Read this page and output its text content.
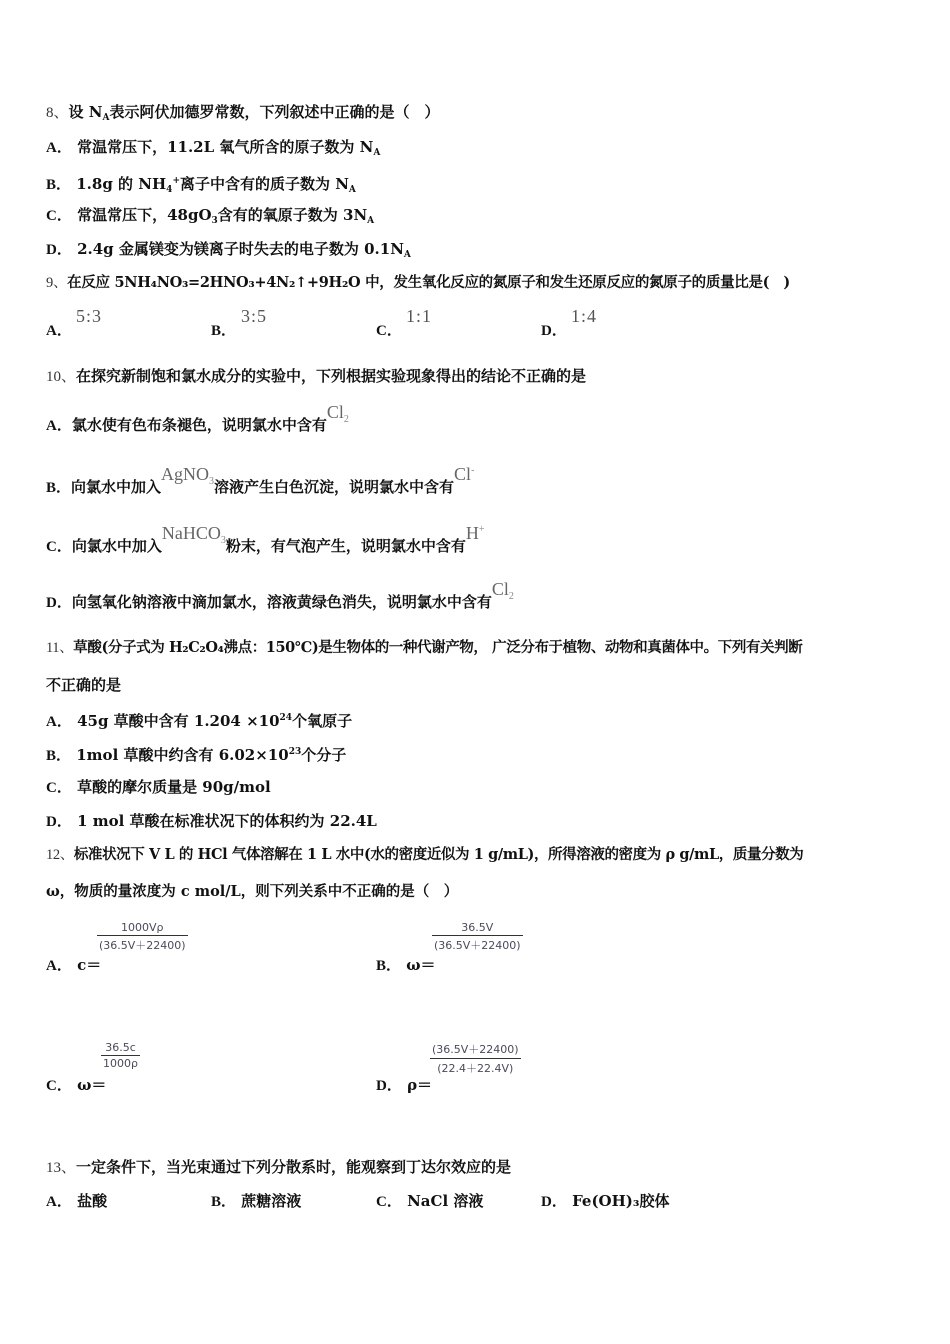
8、设 $N_A$表示阿伏加德罗常数，下列叙述中正确的是（　）
A． 常温常压下，11.2L 氧气所含的原子数为 $N_A$
B． 1.8g 的 $NH_4^+$离子中含有的质子数为 $N_A$
C． 常温常压下，$48gO_3$含有的氧原子数为 $3N_A$
D． 2.4g 金属镁变为镁离子时失去的电子数为 $0.1N_A$
9、在反应 5NH₄NO₃=2HNO₃+4N₂↑+9H₂O 中，发生氧化反应的氮原子和发生还原反应的氮原子的质量比是(　)
A．
5:3
B．
3:5
C．
1:1
D．
1:4
10、在探究新制饱和氯水成分的实验中，下列根据实验现象得出的结论不正确的是
A．氯水使有色布条褪色，说明氯水中含有$Cl_2$
B．向氯水中加入AgNO$_3$溶液产生白色沉淀，说明氯水中含有Cl-
C．向氯水中加入NaHCO$_3$粉末，有气泡产生，说明氯水中含有H+
D．向氢氧化钠溶液中滴加氯水，溶液黄绿色消失，说明氯水中含有$Cl_2$
11、草酸(分子式为 H₂C₂O₄沸点：150℃)是生物体的一种代谢产物， 广泛分布于植物、动物和真菌体中。下列有关判断
不正确的是
A． 45g 草酸中含有 $1.204 \times 10^{24}$个氧原子
B． 1mol 草酸中约含有 $6.02\times 10^{23}$个分子
C． 草酸的摩尔质量是 90g/mol
D． 1 mol 草酸在标准状况下的体积约为 22.4L
12、标准状况下 V L 的 HCl 气体溶解在 1 L 水中(水的密度近似为 1 g/mL)，所得溶液的密度为 ρ g/mL，质量分数为
ω，物质的量浓度为 c mol/L，则下列关系中不正确的是（　）
A． c＝
1000Vρ
(36.5V＋22400)
B． ω＝
36.5V
(36.5V＋22400)
C． ω＝
36.5c
1000ρ
D． ρ＝
(36.5V＋22400)
(22.4＋22.4V)
13、一定条件下，当光束通过下列分散系时，能观察到丁达尔效应的是
A． 盐酸	B． 蔗糖溶液	C． NaCl 溶液	D． Fe(OH)₃胶体
